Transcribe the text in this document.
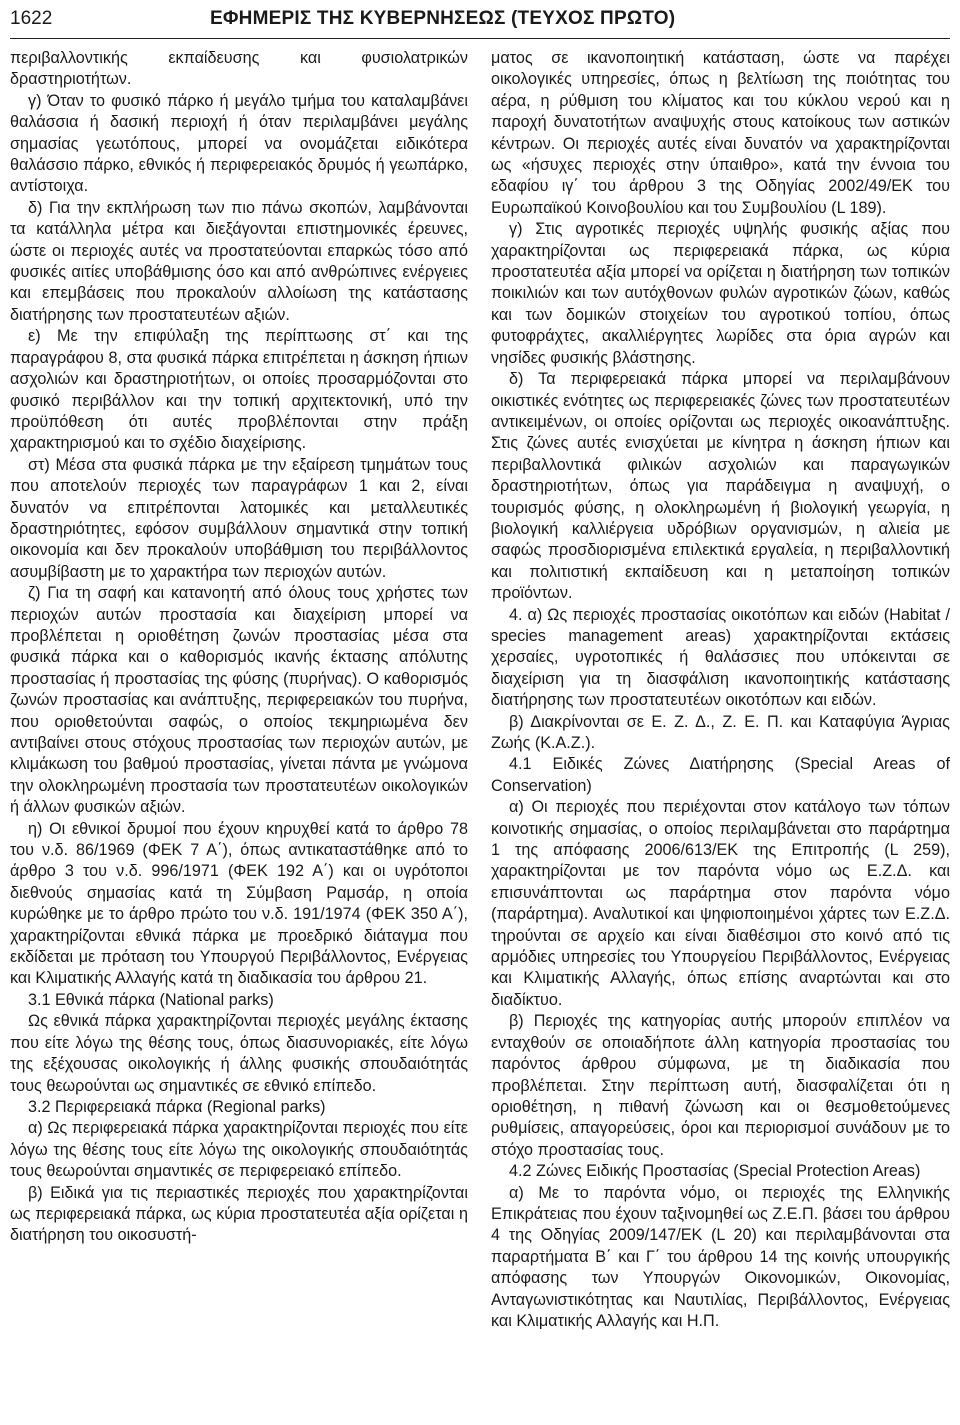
1622	ΕΦΗΜΕΡΙΣ ΤΗΣ ΚΥΒΕΡΝΗΣΕΩΣ (ΤΕΥΧΟΣ ΠΡΩΤΟ)

περιβαλλοντικής εκπαίδευσης και φυσιολατρικών δραστηριοτήτων.

γ) Όταν το φυσικό πάρκο ή μεγάλο τμήμα του καταλαμβάνει θαλάσσια ή δασική περιοχή ή όταν περιλαμβάνει μεγάλης σημασίας γεωτόπους, μπορεί να ονομάζεται ειδικότερα θαλάσσιο πάρκο, εθνικός ή περιφερειακός δρυμός ή γεωπάρκο, αντίστοιχα.

δ) Για την εκπλήρωση των πιο πάνω σκοπών, λαμβάνονται τα κατάλληλα μέτρα και διεξάγονται επιστημονικές έρευνες, ώστε οι περιοχές αυτές να προστατεύονται επαρκώς τόσο από φυσικές αιτίες υποβάθμισης όσο και από ανθρώπινες ενέργειες και επεμβάσεις που προκαλούν αλλοίωση της κατάστασης διατήρησης των προστατευτέων αξιών.

ε) Με την επιφύλαξη της περίπτωσης στ΄ και της παραγράφου 8, στα φυσικά πάρκα επιτρέπεται η άσκηση ήπιων ασχολιών και δραστηριοτήτων, οι οποίες προσαρμόζονται στο φυσικό περιβάλλον και την τοπική αρχιτεκτονική, υπό την προϋπόθεση ότι αυτές προβλέπονται στην πράξη χαρακτηρισμού και το σχέδιο διαχείρισης.

στ) Μέσα στα φυσικά πάρκα με την εξαίρεση τμημάτων τους που αποτελούν περιοχές των παραγράφων 1 και 2, είναι δυνατόν να επιτρέπονται λατομικές και μεταλλευτικές δραστηριότητες, εφόσον συμβάλλουν σημαντικά στην τοπική οικονομία και δεν προκαλούν υποβάθμιση του περιβάλλοντος ασυμβίβαστη με το χαρακτήρα των περιοχών αυτών.

ζ) Για τη σαφή και κατανοητή από όλους τους χρήστες των περιοχών αυτών προστασία και διαχείριση μπορεί να προβλέπεται η οριοθέτηση ζωνών προστασίας μέσα στα φυσικά πάρκα και ο καθορισμός ικανής έκτασης απόλυτης προστασίας ή προστασίας της φύσης (πυρήνας). Ο καθορισμός ζωνών προστασίας και ανάπτυξης, περιφερειακών του πυρήνα, που οριοθετούνται σαφώς, ο οποίος τεκμηριωμένα δεν αντιβαίνει στους στόχους προστασίας των περιοχών αυτών, με κλιμάκωση του βαθμού προστασίας, γίνεται πάντα με γνώμονα την ολοκληρωμένη προστασία των προστατευτέων οικολογικών ή άλλων φυσικών αξιών.

η) Οι εθνικοί δρυμοί που έχουν κηρυχθεί κατά το άρθρο 78 του ν.δ. 86/1969 (ΦΕΚ 7 Α΄), όπως αντικαταστάθηκε από το άρθρο 3 του ν.δ. 996/1971 (ΦΕΚ 192 Α΄) και οι υγρότοποι διεθνούς σημασίας κατά τη Σύμβαση Ραμσάρ, η οποία κυρώθηκε με το άρθρο πρώτο του ν.δ. 191/1974 (ΦΕΚ 350 Α΄), χαρακτηρίζονται εθνικά πάρκα με προεδρικό διάταγμα που εκδίδεται με πρόταση του Υπουργού Περιβάλλοντος, Ενέργειας και Κλιματικής Αλλαγής κατά τη διαδικασία του άρθρου 21.

3.1 Εθνικά πάρκα (National parks)

Ως εθνικά πάρκα χαρακτηρίζονται περιοχές μεγάλης έκτασης που είτε λόγω της θέσης τους, όπως διασυνοριακές, είτε λόγω της εξέχουσας οικολογικής ή άλλης φυσικής σπουδαιότητάς τους θεωρούνται ως σημαντικές σε εθνικό επίπεδο.

3.2 Περιφερειακά πάρκα (Regional parks)

α) Ως περιφερειακά πάρκα χαρακτηρίζονται περιοχές που είτε λόγω της θέσης τους είτε λόγω της οικολογικής σπουδαιότητάς τους θεωρούνται σημαντικές σε περιφερειακό επίπεδο.

β) Ειδικά για τις περιαστικές περιοχές που χαρακτηρίζονται ως περιφερειακά πάρκα, ως κύρια προστατευτέα αξία ορίζεται η διατήρηση του οικοσυστή-

ματος σε ικανοποιητική κατάσταση, ώστε να παρέχει οικολογικές υπηρεσίες, όπως η βελτίωση της ποιότητας του αέρα, η ρύθμιση του κλίματος και του κύκλου νερού και η παροχή δυνατοτήτων αναψυχής στους κατοίκους των αστικών κέντρων. Οι περιοχές αυτές είναι δυνατόν να χαρακτηρίζονται ως «ήσυχες περιοχές στην ύπαιθρο», κατά την έννοια του εδαφίου ιγ΄ του άρθρου 3 της Οδηγίας 2002/49/ΕΚ του Ευρωπαϊκού Κοινοβουλίου και του Συμβουλίου (L 189).

γ) Στις αγροτικές περιοχές υψηλής φυσικής αξίας που χαρακτηρίζονται ως περιφερειακά πάρκα, ως κύρια προστατευτέα αξία μπορεί να ορίζεται η διατήρηση των τοπικών ποικιλιών και των αυτόχθονων φυλών αγροτικών ζώων, καθώς και των δομικών στοιχείων του αγροτικού τοπίου, όπως φυτοφράχτες, ακαλλιέργητες λωρίδες στα όρια αγρών και νησίδες φυσικής βλάστησης.

δ) Τα περιφερειακά πάρκα μπορεί να περιλαμβάνουν οικιστικές ενότητες ως περιφερειακές ζώνες των προστατευτέων αντικειμένων, οι οποίες ορίζονται ως περιοχές οικοανάπτυξης. Στις ζώνες αυτές ενισχύεται με κίνητρα η άσκηση ήπιων και περιβαλλοντικά φιλικών ασχολιών και παραγωγικών δραστηριοτήτων, όπως για παράδειγμα η αναψυχή, ο τουρισμός φύσης, η ολοκληρωμένη ή βιολογική γεωργία, η βιολογική καλλιέργεια υδρόβιων οργανισμών, η αλιεία με σαφώς προσδιορισμένα επιλεκτικά εργαλεία, η περιβαλλοντική και πολιτιστική εκπαίδευση και η μεταποίηση τοπικών προϊόντων.

4. α) Ως περιοχές προστασίας οικοτόπων και ειδών (Habitat / species management areas) χαρακτηρίζονται εκτάσεις χερσαίες, υγροτοπικές ή θαλάσσιες που υπόκεινται σε διαχείριση για τη διασφάλιση ικανοποιητικής κατάστασης διατήρησης των προστατευτέων οικοτόπων και ειδών.

β) Διακρίνονται σε Ε. Ζ. Δ., Ζ. Ε. Π. και Καταφύγια Άγριας Ζωής (Κ.Α.Ζ.).

4.1 Ειδικές Ζώνες Διατήρησης (Special Areas of Conservation)

α) Οι περιοχές που περιέχονται στον κατάλογο των τόπων κοινοτικής σημασίας, ο οποίος περιλαμβάνεται στο παράρτημα 1 της απόφασης 2006/613/ΕΚ της Επιτροπής (L 259), χαρακτηρίζονται με τον παρόντα νόμο ως Ε.Ζ.Δ. και επισυνάπτονται ως παράρτημα στον παρόντα νόμο (παράρτημα). Αναλυτικοί και ψηφιοποιημένοι χάρτες των Ε.Ζ.Δ. τηρούνται σε αρχείο και είναι διαθέσιμοι στο κοινό από τις αρμόδιες υπηρεσίες του Υπουργείου Περιβάλλοντος, Ενέργειας και Κλιματικής Αλλαγής, όπως επίσης αναρτώνται και στο διαδίκτυο.

β) Περιοχές της κατηγορίας αυτής μπορούν επιπλέον να ενταχθούν σε οποιαδήποτε άλλη κατηγορία προστασίας του παρόντος άρθρου σύμφωνα, με τη διαδικασία που προβλέπεται. Στην περίπτωση αυτή, διασφαλίζεται ότι η οριοθέτηση, η πιθανή ζώνωση και οι θεσμοθετούμενες ρυθμίσεις, απαγορεύσεις, όροι και περιορισμοί συνάδουν με το στόχο προστασίας τους.

4.2 Ζώνες Ειδικής Προστασίας (Special Protection Areas)

α) Με το παρόντα νόμο, οι περιοχές της Ελληνικής Επικράτειας που έχουν ταξινομηθεί ως Ζ.Ε.Π. βάσει του άρθρου 4 της Οδηγίας 2009/147/ΕΚ (L 20) και περιλαμβάνονται στα παραρτήματα Β΄ και Γ΄ του άρθρου 14 της κοινής υπουργικής απόφασης των Υπουργών Οικονομικών, Οικονομίας, Ανταγωνιστικότητας και Ναυτιλίας, Περιβάλλοντος, Ενέργειας και Κλιματικής Αλλαγής και Η.Π.
